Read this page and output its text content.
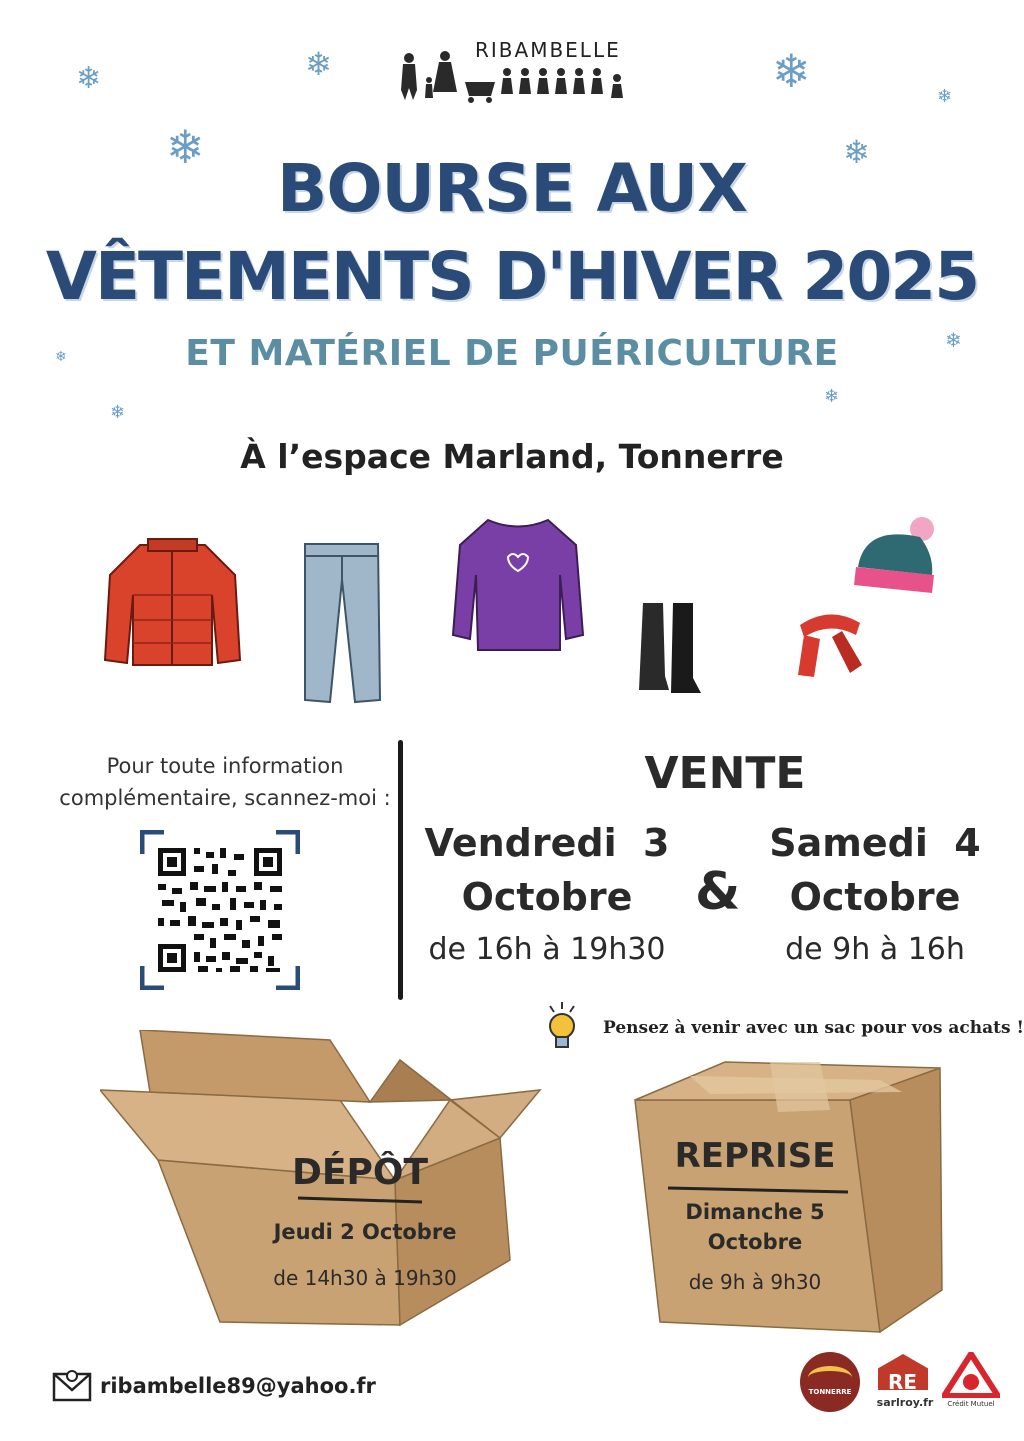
❄	❄
❄
❄	❄
❄
❄
❄
❄
❄
RIBAMBELLE
BOURSE AUX
VÊTEMENTS D'HIVER 2025
ET MATÉRIEL DE PUÉRICULTURE
À l’espace Marland, Tonnerre
Pour toute information
complémentaire, scannez-moi :	VENTE
Vendredi  3
Octobre
de 16h à 19h30
&
Samedi  4
Octobre
de 9h à 16h
Pensez à venir avec un sac pour vos achats !
DÉPÔT
Jeudi 2 Octobre
de 14h30 à 19h30
REPRISE
Dimanche 5
Octobre
de 9h à 9h30
ribambelle89@yahoo.fr	TONNERRE	RE
sarlroy.fr	Crédit Mutuel
